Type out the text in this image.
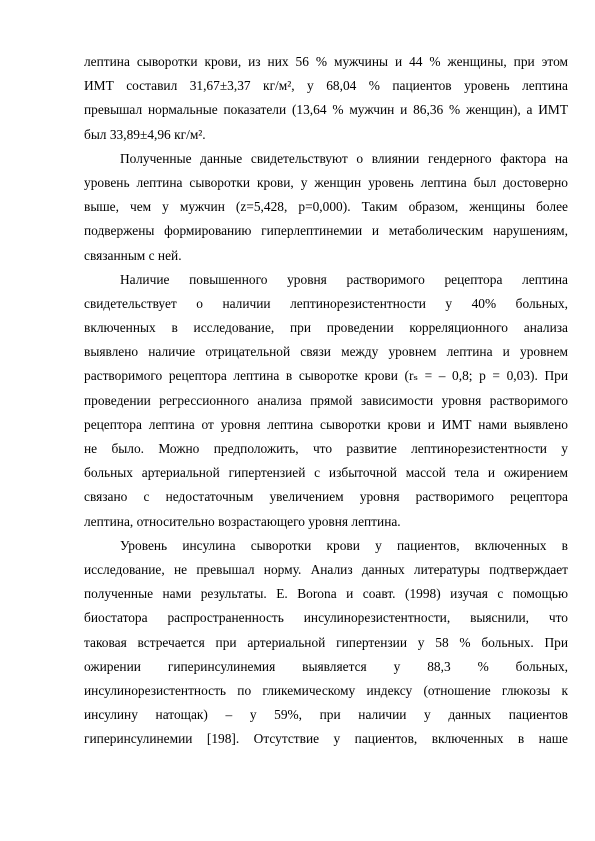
лептина сыворотки крови, из них 56 % мужчины и 44 % женщины, при этом
ИМТ составил 31,67±3,37 кг/м², у 68,04 % пациентов уровень лептина
превышал нормальные показатели (13,64 % мужчин и 86,36 % женщин), а ИМТ
был 33,89±4,96 кг/м².
Полученные данные свидетельствуют о влиянии гендерного фактора на
уровень лептина сыворотки крови, у женщин уровень лептина был достоверно
выше, чем у мужчин (z=5,428, p=0,000). Таким образом, женщины более
подвержены формированию гиперлептинемии и метаболическим нарушениям,
связанным с ней.
Наличие повышенного уровня растворимого рецептора лептина
свидетельствует о наличии лептинорезистентности у 40% больных,
включенных в исследование, при проведении корреляционного анализа
выявлено наличие отрицательной связи между уровнем лептина и уровнем
растворимого рецептора лептина в сыворотке крови (rₛ = – 0,8; p = 0,03). При
проведении регрессионного анализа прямой зависимости уровня растворимого
рецептора лептина от уровня лептина сыворотки крови и ИМТ нами выявлено
не было. Можно предположить, что развитие лептинорезистентности у
больных артериальной гипертензией с избыточной массой тела и ожирением
связано с недостаточным увеличением уровня растворимого рецептора
лептина, относительно возрастающего уровня лептина.
Уровень инсулина сыворотки крови у пациентов, включенных в
исследование, не превышал норму. Анализ данных литературы подтверждает
полученные нами результаты. E. Borona и соавт. (1998) изучая с помощью
биостатора распространенность инсулинорезистентности, выяснили, что
таковая встречается при артериальной гипертензии у 58 % больных. При
ожирении гиперинсулинемия выявляется у 88,3 % больных,
инсулинорезистентность по гликемическому индексу (отношение глюкозы к
инсулину натощак) – у 59%, при наличии у данных пациентов
гиперинсулинемии [198]. Отсутствие у пациентов, включенных в наше
